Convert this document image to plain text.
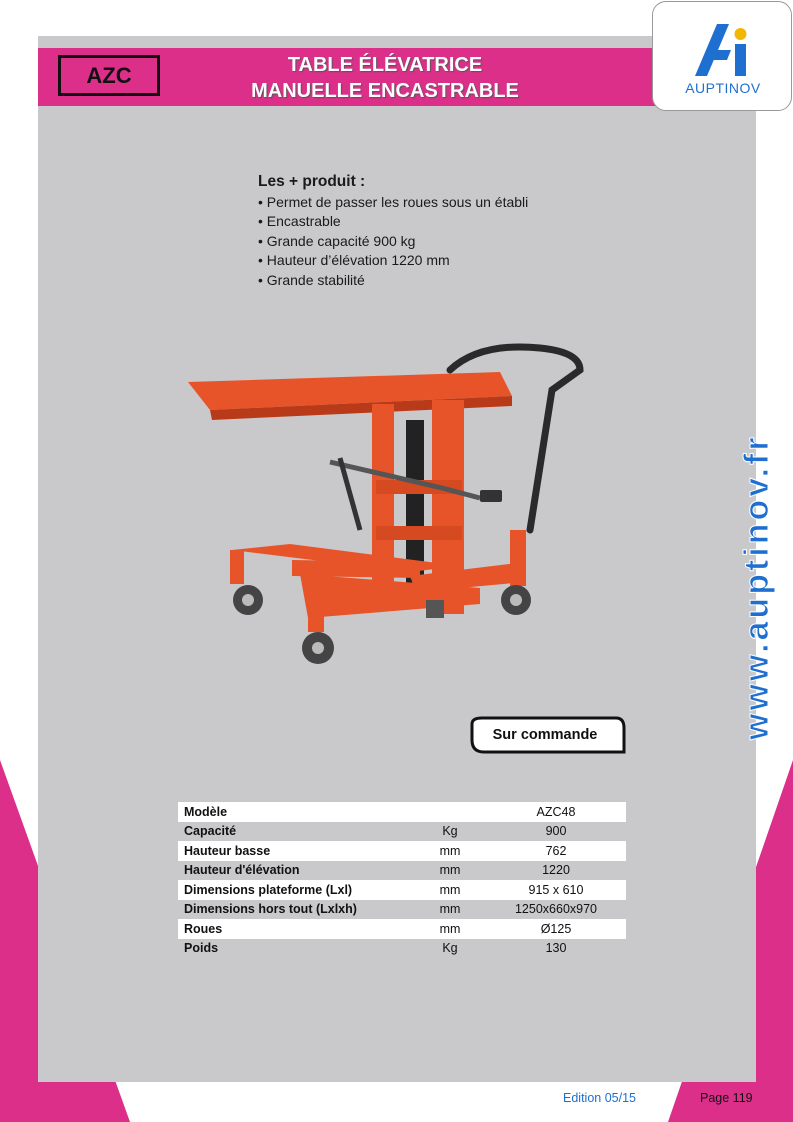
AZC	TABLE ÉLÉVATRICE
MANUELLE ENCASTRABLE	AUPTINOV
Les + produit :
• Permet de passer les roues sous un établi
• Encastrable
• Grande capacité 900 kg
• Hauteur d’élévation 1220 mm
• Grande stabilité
www.auptinov.fr
Sur commande
Modèle		AZC48
Capacité	Kg	900
Hauteur basse	mm	762
Hauteur d'élévation	mm	1220
Dimensions plateforme (Lxl)	mm	915 x 610
Dimensions hors tout (Lxlxh)	mm	1250x660x970
Roues	mm	Ø125
Poids	Kg	130
Edition 05/15	Page 119
